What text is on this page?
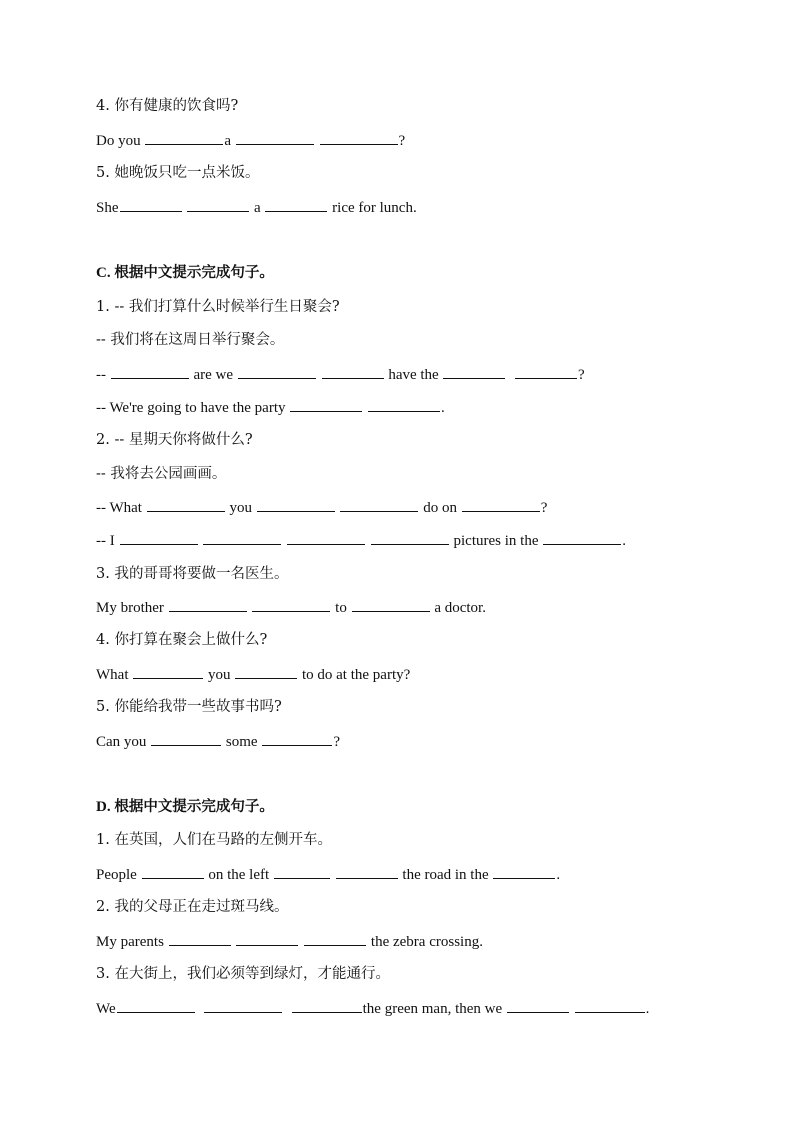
4. 你有健康的饮食吗?
Do you	a	?
5. 她晚饭只吃一点米饭。
She	a	rice for lunch.
C. 根据中文提示完成句子。
1. -- 我们打算什么时候举行生日聚会?
-- 我们将在这周日举行聚会。
--	are we	have the	?
-- We're going to have the party	.
2. -- 星期天你将做什么?
-- 我将去公园画画。
-- What	you	do on	?
-- I	pictures in the	.
3. 我的哥哥将要做一名医生。
My brother	to	a doctor.
4. 你打算在聚会上做什么?
What	you	to do at the party?
5. 你能给我带一些故事书吗?
Can you	some	?
D. 根据中文提示完成句子。
1. 在英国，人们在马路的左侧开车。
People	on the left	the road in the	.
2. 我的父母正在走过斑马线。
My parents	the zebra crossing.
3. 在大街上，我们必须等到绿灯，才能通行。
We	the green man, then we	.
